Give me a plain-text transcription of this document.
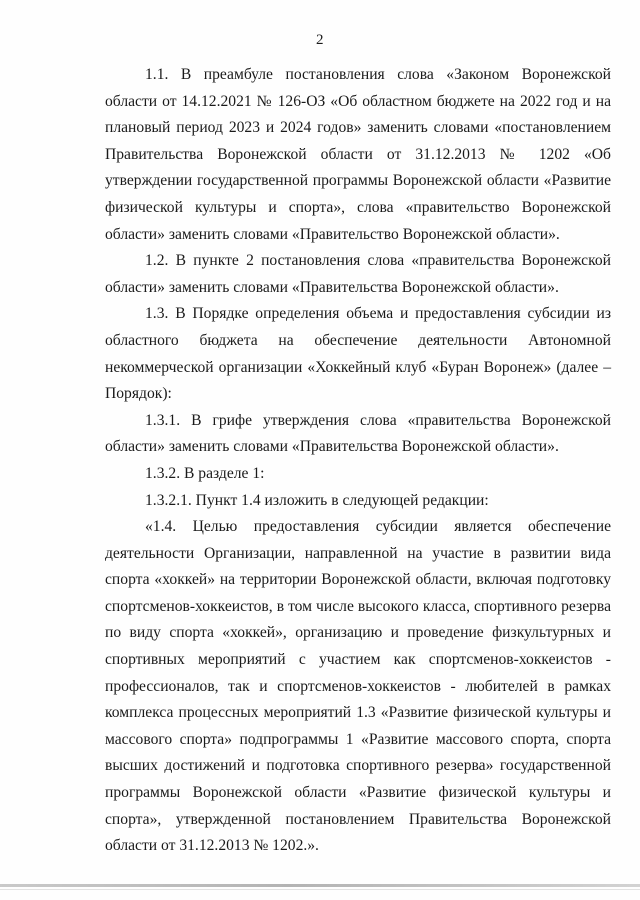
2

1.1. В преамбуле постановления слова «Законом Воронежской области от 14.12.2021 № 126-ОЗ «Об областном бюджете на 2022 год и на плановый период 2023 и 2024 годов» заменить словами «постановлением Правительства Воронежской области от 31.12.2013 № 1202 «Об утверждении государственной программы Воронежской области «Развитие физической культуры и спорта», слова «правительство Воронежской области» заменить словами «Правительство Воронежской области».

1.2. В пункте 2 постановления слова «правительства Воронежской области» заменить словами «Правительства Воронежской области».

1.3. В Порядке определения объема и предоставления субсидии из областного бюджета на обеспечение деятельности Автономной некоммерческой организации «Хоккейный клуб «Буран Воронеж» (далее – Порядок):

1.3.1. В грифе утверждения слова «правительства Воронежской области» заменить словами «Правительства Воронежской области».

1.3.2. В разделе 1:

1.3.2.1. Пункт 1.4 изложить в следующей редакции:

«1.4. Целью предоставления субсидии является обеспечение деятельности Организации, направленной на участие в развитии вида спорта «хоккей» на территории Воронежской области, включая подготовку спортсменов-хоккеистов, в том числе высокого класса, спортивного резерва по виду спорта «хоккей», организацию и проведение физкультурных и спортивных мероприятий с участием как спортсменов-хоккеистов - профессионалов, так и спортсменов-хоккеистов - любителей в рамках комплекса процессных мероприятий 1.3 «Развитие физической культуры и массового спорта» подпрограммы 1 «Развитие массового спорта, спорта высших достижений и подготовка спортивного резерва» государственной программы Воронежской области «Развитие физической культуры и спорта», утвержденной постановлением Правительства Воронежской области от 31.12.2013 № 1202.».
